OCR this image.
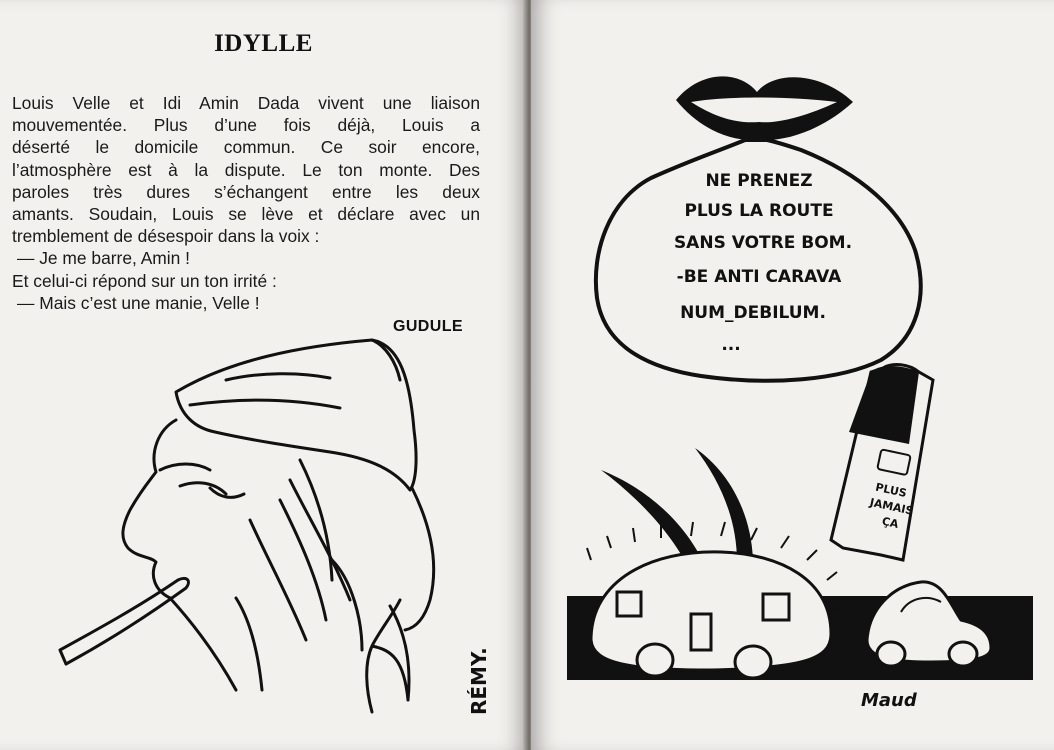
IDYLLE
Louis Velle et Idi Amin Dada vivent une liaison
mouvementée. Plus d’une fois déjà, Louis a
déserté le domicile commun. Ce soir encore,
l’atmosphère est à la dispute. Le ton monte. Des
paroles très dures s’échangent entre les deux
amants. Soudain, Louis se lève et déclare avec un
tremblement de désespoir dans la voix :
— Je me barre, Amin !
Et celui-ci répond sur un ton irrité :
— Mais c’est une manie, Velle !
GUDULE
RÉMY.
NE PRENEZ
PLUS LA ROUTE
SANS VOTRE BOM.
-BE ANTI CARAVA
NUM_DEBILUM.
...
PLUS
JAMAIS
ÇA
Maud
